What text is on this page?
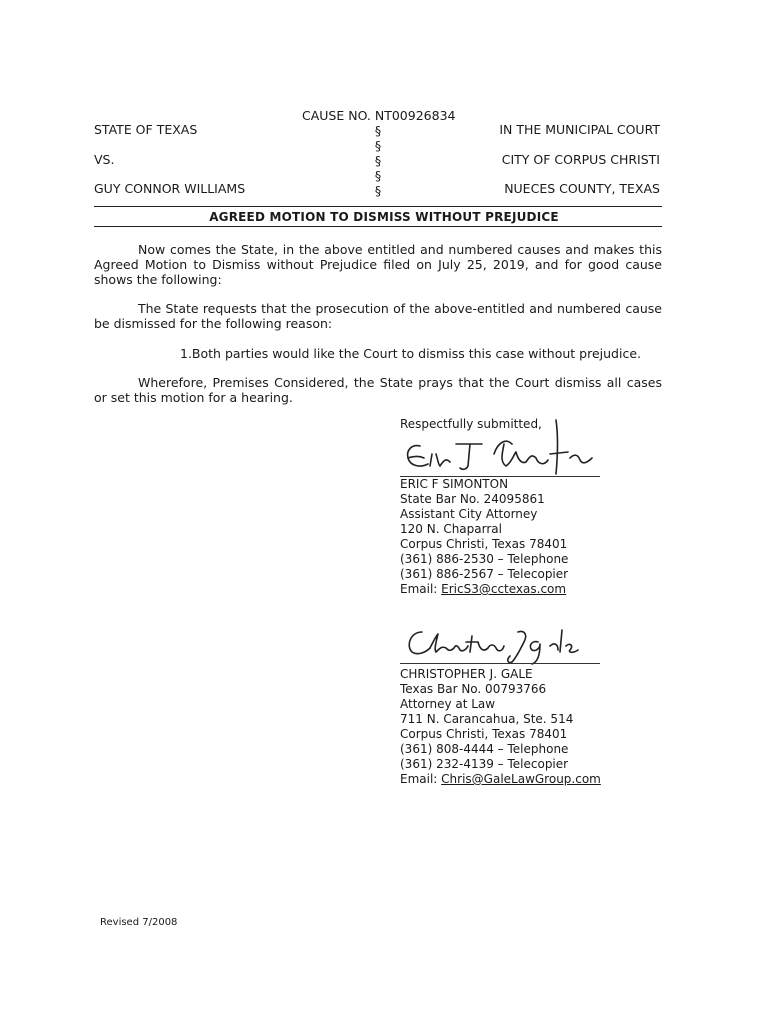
CAUSE NO. NT00926834
STATE OF TEXAS
VS.
GUY CONNOR WILLIAMS
§
§
§
§
§
IN THE MUNICIPAL COURT
CITY OF CORPUS CHRISTI
NUECES COUNTY, TEXAS
AGREED MOTION TO DISMISS WITHOUT PREJUDICE
Now comes the State, in the above entitled and numbered causes and makes this Agreed Motion to Dismiss without Prejudice filed on July 25, 2019, and for good cause shows the following:
The State requests that the prosecution of the above-entitled and numbered cause be dismissed for the following reason:
1.Both parties would like the Court to dismiss this case without prejudice.
Wherefore, Premises Considered, the State prays that the Court dismiss all cases or set this motion for a hearing.
Respectfully submitted,
ERIC F SIMONTON
State Bar No. 24095861
Assistant City Attorney
120 N. Chaparral
Corpus Christi, Texas 78401
(361) 886-2530 – Telephone
(361) 886-2567 – Telecopier
Email: EricS3@cctexas.com
CHRISTOPHER J. GALE
Texas Bar No. 00793766
Attorney at Law
711 N. Carancahua, Ste. 514
Corpus Christi, Texas 78401
(361) 808-4444 – Telephone
(361) 232-4139 – Telecopier
Email: Chris@GaleLawGroup.com
Revised 7/2008
